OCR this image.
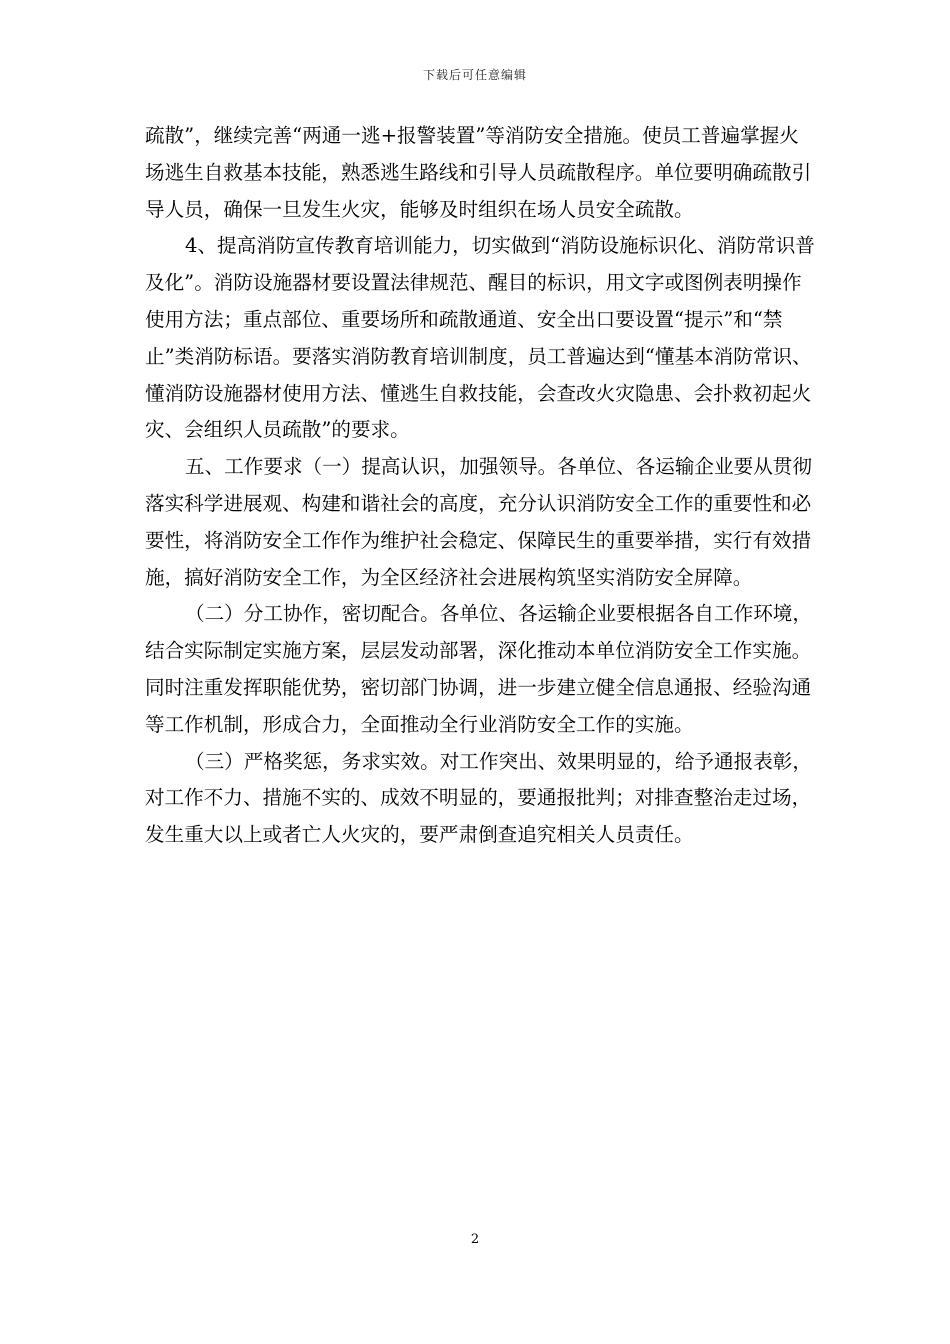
下载后可任意编辑
疏散”，继续完善“两通一逃+报警装置”等消防安全措施。使员工普遍掌握火
场逃生自救基本技能，熟悉逃生路线和引导人员疏散程序。单位要明确疏散引
导人员，确保一旦发生火灾，能够及时组织在场人员安全疏散。
4、提高消防宣传教育培训能力，切实做到“消防设施标识化、消防常识普
及化”。消防设施器材要设置法律规范、醒目的标识，用文字或图例表明操作
使用方法；重点部位、重要场所和疏散通道、安全出口要设置“提示”和“禁
止”类消防标语。要落实消防教育培训制度，员工普遍达到“懂基本消防常识、
懂消防设施器材使用方法、懂逃生自救技能，会查改火灾隐患、会扑救初起火
灾、会组织人员疏散”的要求。
五、工作要求（一）提高认识，加强领导。各单位、各运输企业要从贯彻
落实科学进展观、构建和谐社会的高度，充分认识消防安全工作的重要性和必
要性，将消防安全工作作为维护社会稳定、保障民生的重要举措，实行有效措
施，搞好消防安全工作，为全区经济社会进展构筑坚实消防安全屏障。
（二）分工协作，密切配合。各单位、各运输企业要根据各自工作环境，
结合实际制定实施方案，层层发动部署，深化推动本单位消防安全工作实施。
同时注重发挥职能优势，密切部门协调，进一步建立健全信息通报、经验沟通
等工作机制，形成合力，全面推动全行业消防安全工作的实施。
（三）严格奖惩，务求实效。对工作突出、效果明显的，给予通报表彰，
对工作不力、措施不实的、成效不明显的，要通报批判；对排查整治走过场，
发生重大以上或者亡人火灾的，要严肃倒查追究相关人员责任。
2
